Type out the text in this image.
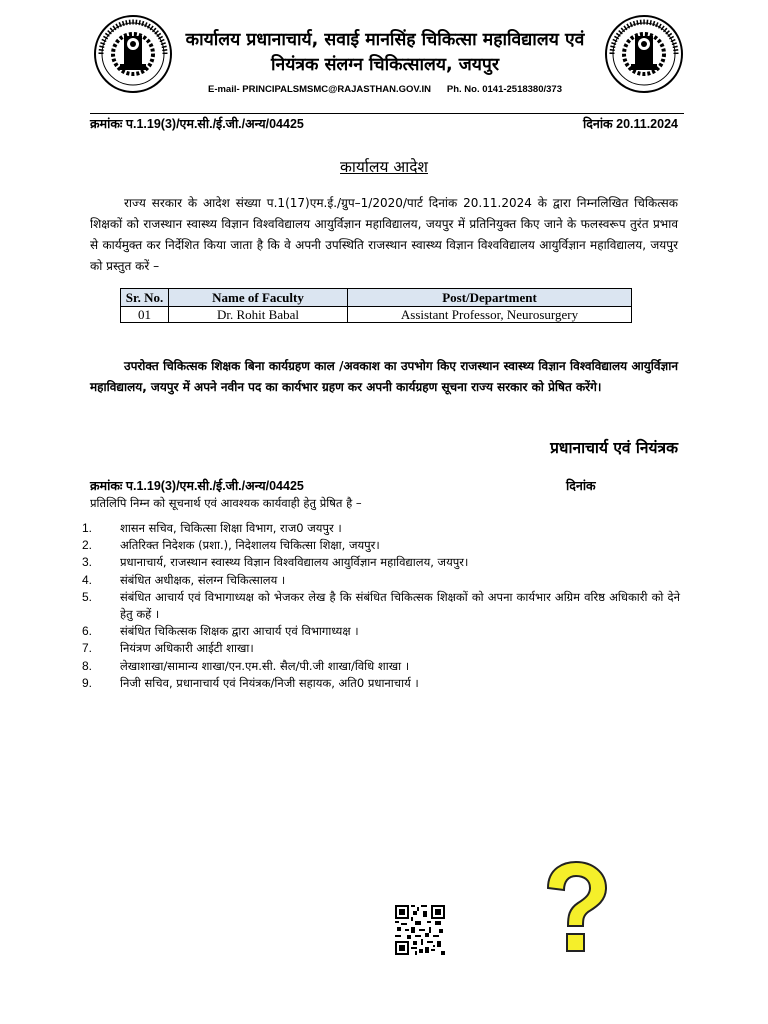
कार्यालय प्रधानाचार्य, सवाई मानसिंह चिकित्सा महाविद्यालय एवं
नियंत्रक संलग्न चिकित्सालय, जयपुर
E-mail- PRINCIPALSMSMC@RAJASTHAN.GOV.IN      Ph. No. 0141-2518380/373
क्रमांकः प.1.19(3)/एम.सी./ई.जी./अन्य/04425	दिनांक 20.11.2024
कार्यालय आदेश
राज्य सरकार के आदेश संख्या प.1(17)एम.ई./ग्रुप–1/2020/पार्ट दिनांक 20.11.2024 के द्वारा निम्नलिखित चिकित्सक शिक्षकों को राजस्थान स्वास्थ्य विज्ञान विश्वविद्यालय आयुर्विज्ञान महाविद्यालय, जयपुर में प्रतिनियुक्त किए जाने के फलस्वरूप तुरंत प्रभाव से कार्यमुक्त कर निर्देशित किया जाता है कि वे अपनी उपस्थिति राजस्थान स्वास्थ्य विज्ञान विश्वविद्यालय आयुर्विज्ञान महाविद्यालय, जयपुर को प्रस्तुत करें –
Sr. No.	Name of Faculty	Post/Department
01	Dr. Rohit Babal	Assistant Professor, Neurosurgery
उपरोक्त चिकित्सक शिक्षक बिना कार्यग्रहण काल /अवकाश का उपभोग किए राजस्थान स्वास्थ्य विज्ञान विश्वविद्यालय आयुर्विज्ञान महाविद्यालय, जयपुर में अपने नवीन पद का कार्यभार ग्रहण कर अपनी कार्यग्रहण सूचना राज्य सरकार को प्रेषित करेंगे।
प्रधानाचार्य एवं नियंत्रक
क्रमांकः प.1.19(3)/एम.सी./ई.जी./अन्य/04425	दिनांक
प्रतिलिपि निम्न को सूचनार्थ एवं आवश्यक कार्यवाही हेतु प्रेषित है –
1. शासन सचिव, चिकित्सा शिक्षा विभाग, राज0 जयपुर ।
2. अतिरिक्त निदेशक (प्रशा.), निदेशालय चिकित्सा शिक्षा, जयपुर।
3. प्रधानाचार्य, राजस्थान स्वास्थ्य विज्ञान विश्वविद्यालय आयुर्विज्ञान महाविद्यालय, जयपुर।
4. संबंधित अधीक्षक, संलग्न चिकित्सालय ।
5. संबंधित आचार्य एवं विभागाध्यक्ष को भेजकर लेख है कि संबंधित चिकित्सक शिक्षकों को अपना कार्यभार अग्रिम वरिष्ठ अधिकारी को देने हेतु कहें ।
6. संबंधित चिकित्सक शिक्षक द्वारा आचार्य एवं विभागाध्यक्ष ।
7. नियंत्रण अधिकारी आईटी शाखा।
8. लेखाशाखा/सामान्य शाखा/एन.एम.सी. सैल/पी.जी शाखा/विधि शाखा ।
9. निजी सचिव, प्रधानाचार्य एवं नियंत्रक/निजी सहायक, अति0 प्रधानाचार्य ।
